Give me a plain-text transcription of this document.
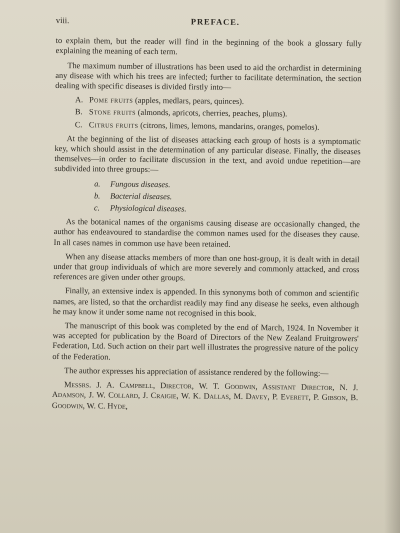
viii.	PREFACE.

to explain them, but the reader will find in the beginning of the book a glossary fully explaining the meaning of each term.

The maximum number of illustrations has been used to aid the orchardist in determining any disease with which his trees are infected; further to facilitate determination, the section dealing with specific diseases is divided firstly into—

A. Pome fruits (apples, medlars, pears, quinces).
B. Stone fruits (almonds, apricots, cherries, peaches, plums).
C. Citrus fruits (citrons, limes, lemons, mandarins, oranges, pomelos).

At the beginning of the list of diseases attacking each group of hosts is a symptomatic key, which should assist in the determination of any particular disease. Finally, the diseases themselves—in order to facilitate discussion in the text, and avoid undue repetition—are subdivided into three groups:—

a.	Fungous diseases.
b.	Bacterial diseases.
c.	Physiological diseases.

As the botanical names of the organisms causing disease are occasionally changed, the author has endeavoured to standardise the common names used for the diseases they cause. In all cases names in common use have been retained.

When any disease attacks members of more than one host-group, it is dealt with in detail under that group individuals of which are more severely and commonly attacked, and cross references are given under other groups.

Finally, an extensive index is appended. In this synonyms both of common and scientific names, are listed, so that the orchardist readily may find any disease he seeks, even although he may know it under some name not recognised in this book.

The manuscript of this book was completed by the end of March, 1924. In November it was accepted for publication by the Board of Directors of the New Zealand Fruitgrowers' Federation, Ltd. Such action on their part well illustrates the progressive nature of the policy of the Federation.

The author expresses his appreciation of assistance rendered by the following:—

Messrs. J. A. Campbell, Director, W. T. Goodwin, Assistant Director, N. J. Adamson, J. W. Collard, J. Craigie, W. K. Dallas, M. Davey, P. Everett, P. Gibson, B. Goodwin, W. C. Hyde,
